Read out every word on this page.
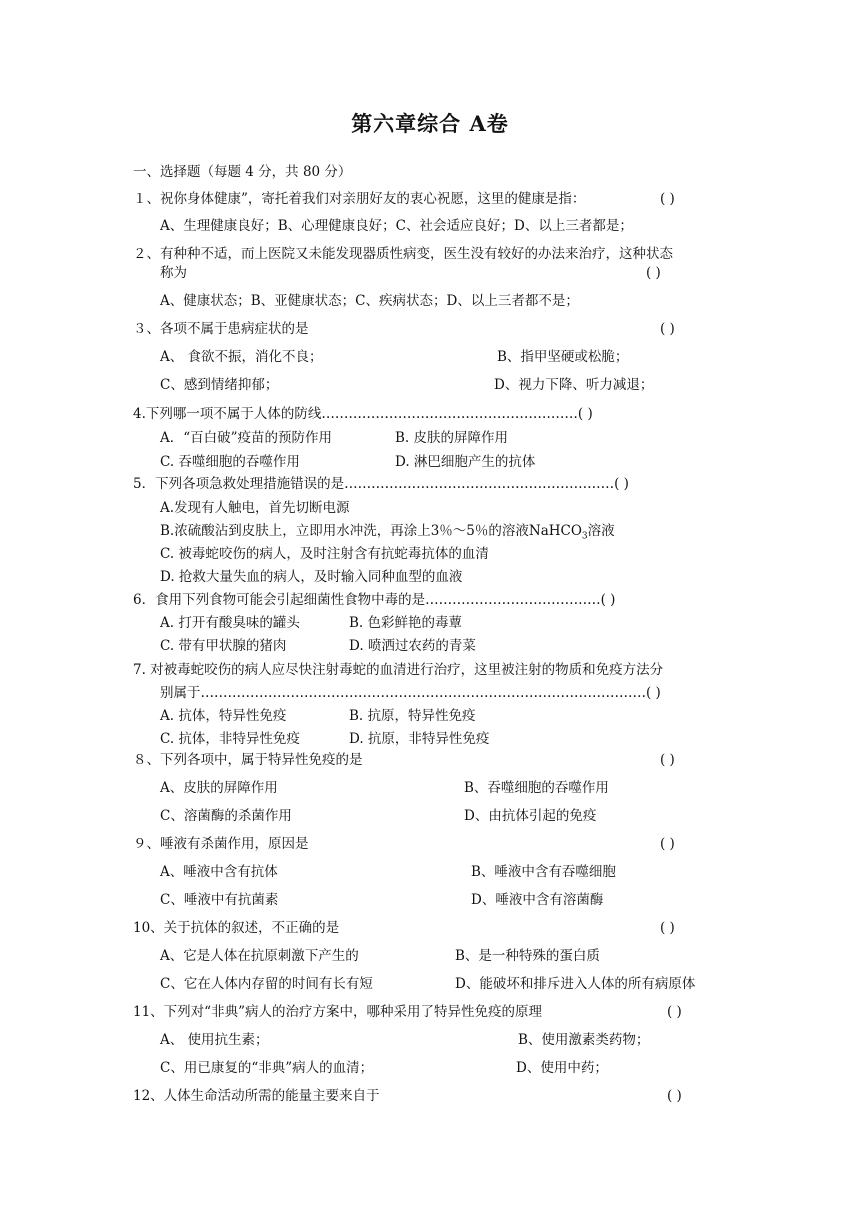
第六章综合 A卷
一、选择题（每题 4 分，共 80 分）
１、祝你身体健康”，寄托着我们对亲朋好友的衷心祝愿，这里的健康是指：	( )
A、生理健康良好；B、心理健康良好；C、社会适应良好；D、以上三者都是；
２、有种种不适，而上医院又未能发现器质性病变，医生没有较好的办法来治疗，这种状态
称为	( )
A、健康状态；B、亚健康状态；C、疾病状态；D、以上三者都不是；
３、各项不属于患病症状的是	( )
A、 食欲不振，消化不良；	B、指甲坚硬或松脆；
C、感到情绪抑郁；	D、视力下降、听力减退；
4.下列哪一项不属于人体的防线…………………………………………………( )
A．“百白破”疫苗的预防作用	B. 皮肤的屏障作用
C. 吞噬细胞的吞噬作用	D. 淋巴细胞产生的抗体
5．下列各项急救处理措施错误的是……………………………………………………( )
A.发现有人触电，首先切断电源
B.浓硫酸沾到皮肤上，立即用水冲洗，再涂上3％～5％的溶液NaHCO$_3$溶液
C. 被毒蛇咬伤的病人，及时注射含有抗蛇毒抗体的血清
D. 抢救大量失血的病人，及时输入同种血型的血液
6．食用下列食物可能会引起细菌性食物中毒的是…………………………………( )
A. 打开有酸臭味的罐头	B. 色彩鲜艳的毒蕈
C. 带有甲状腺的猪肉	D. 喷洒过农药的青菜
7. 对被毒蛇咬伤的病人应尽快注射毒蛇的血清进行治疗，这里被注射的物质和免疫方法分
别属于………………………………………………………………………………………( )
A. 抗体，特异性免疫	B. 抗原，特异性免疫
C. 抗体，非特异性免疫	D. 抗原，非特异性免疫
８、下列各项中，属于特异性免疫的是	( )
A、皮肤的屏障作用	B、吞噬细胞的吞噬作用
C、溶菌酶的杀菌作用	D、由抗体引起的免疫
９、唾液有杀菌作用，原因是	( )
A、唾液中含有抗体	B、唾液中含有吞噬细胞
C、唾液中有抗菌素	D、唾液中含有溶菌酶
10、关于抗体的叙述，不正确的是	( )
A、它是人体在抗原刺激下产生的	B、是一种特殊的蛋白质
C、它在人体内存留的时间有长有短	D、能破坏和排斥进入人体的所有病原体
11、下列对“非典”病人的治疗方案中，哪种采用了特异性免疫的原理	( )
A、 使用抗生素；	B、使用激素类药物；
C、用已康复的“非典”病人的血清；	D、使用中药；
12、人体生命活动所需的能量主要来自于	( )
